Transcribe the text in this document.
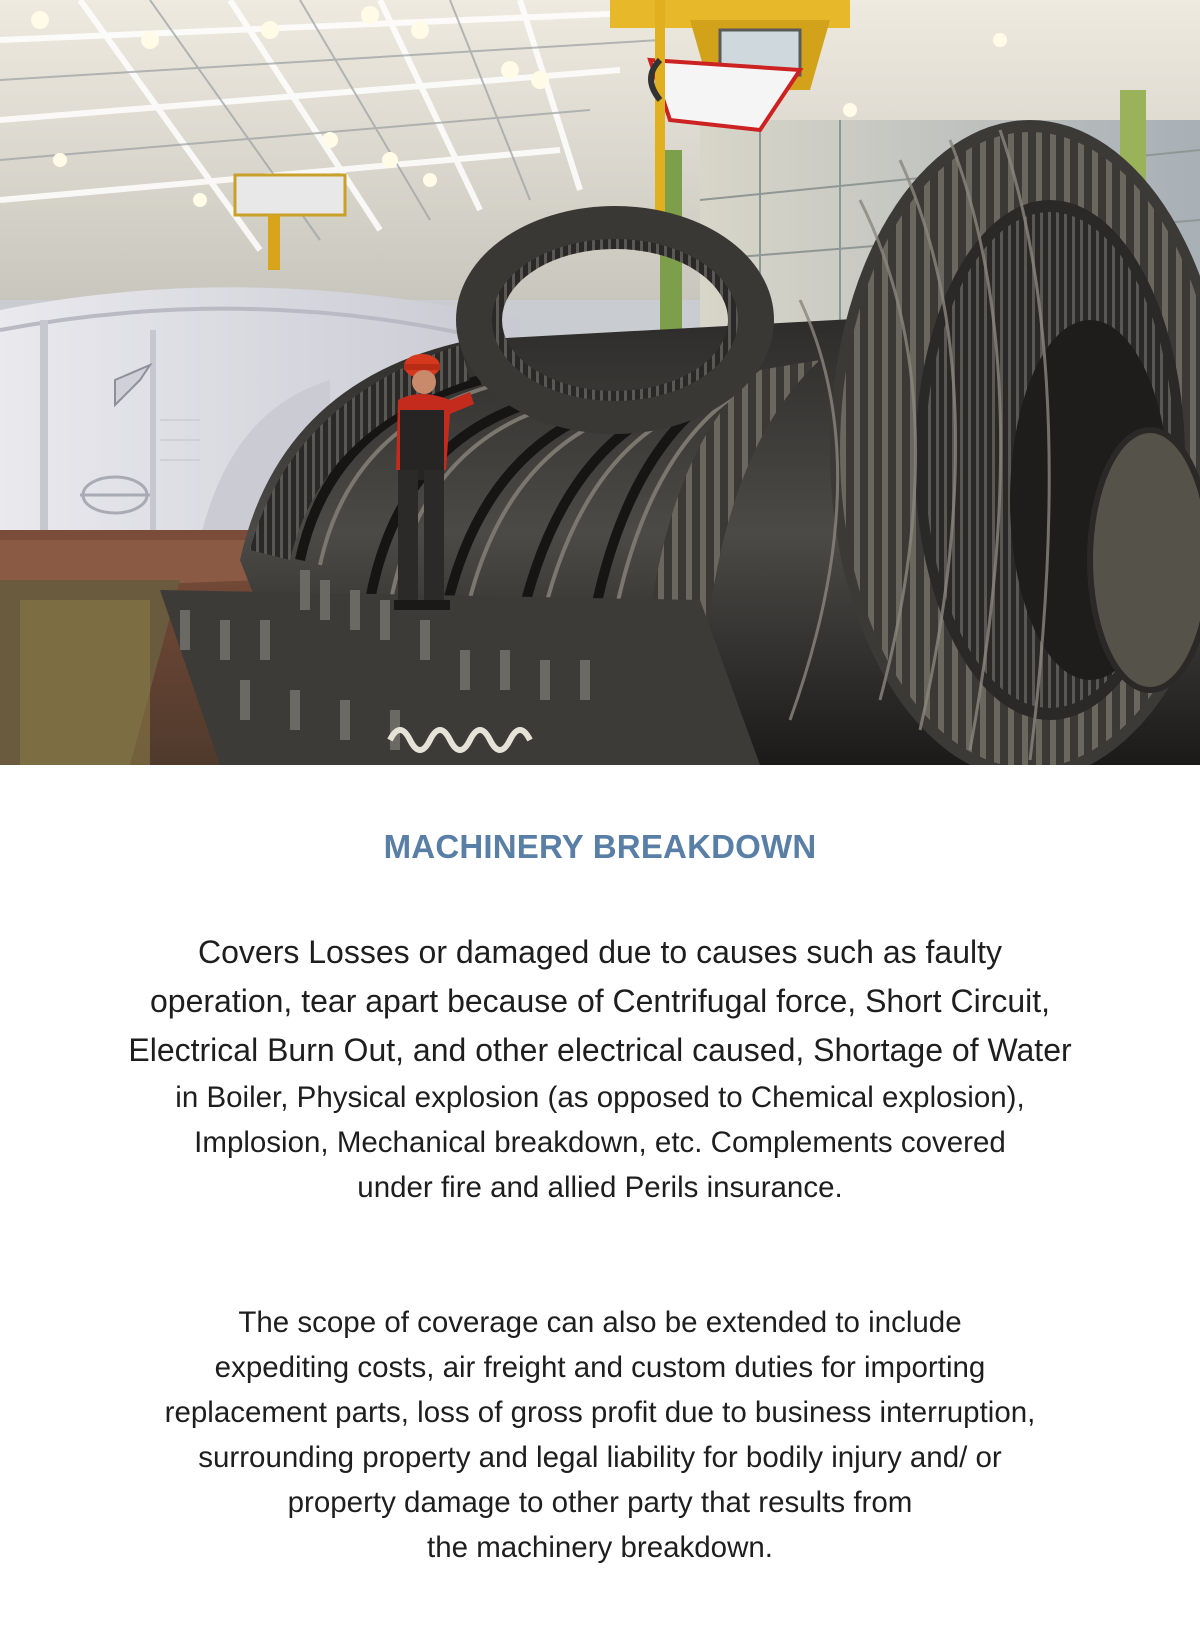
MACHINERY BREAKDOWN

Covers Losses or damaged due to causes such as faulty
operation, tear apart because of Centrifugal force, Short Circuit,
Electrical Burn Out, and other electrical caused, Shortage of Water
in Boiler, Physical explosion (as opposed to Chemical explosion),
Implosion, Mechanical breakdown, etc. Complements covered
under fire and allied Perils insurance.

The scope of coverage can also be extended to include
expediting costs, air freight and custom duties for importing
replacement parts, loss of gross profit due to business interruption,
surrounding property and legal liability for bodily injury and/ or
property damage to other party that results from
the machinery breakdown.
